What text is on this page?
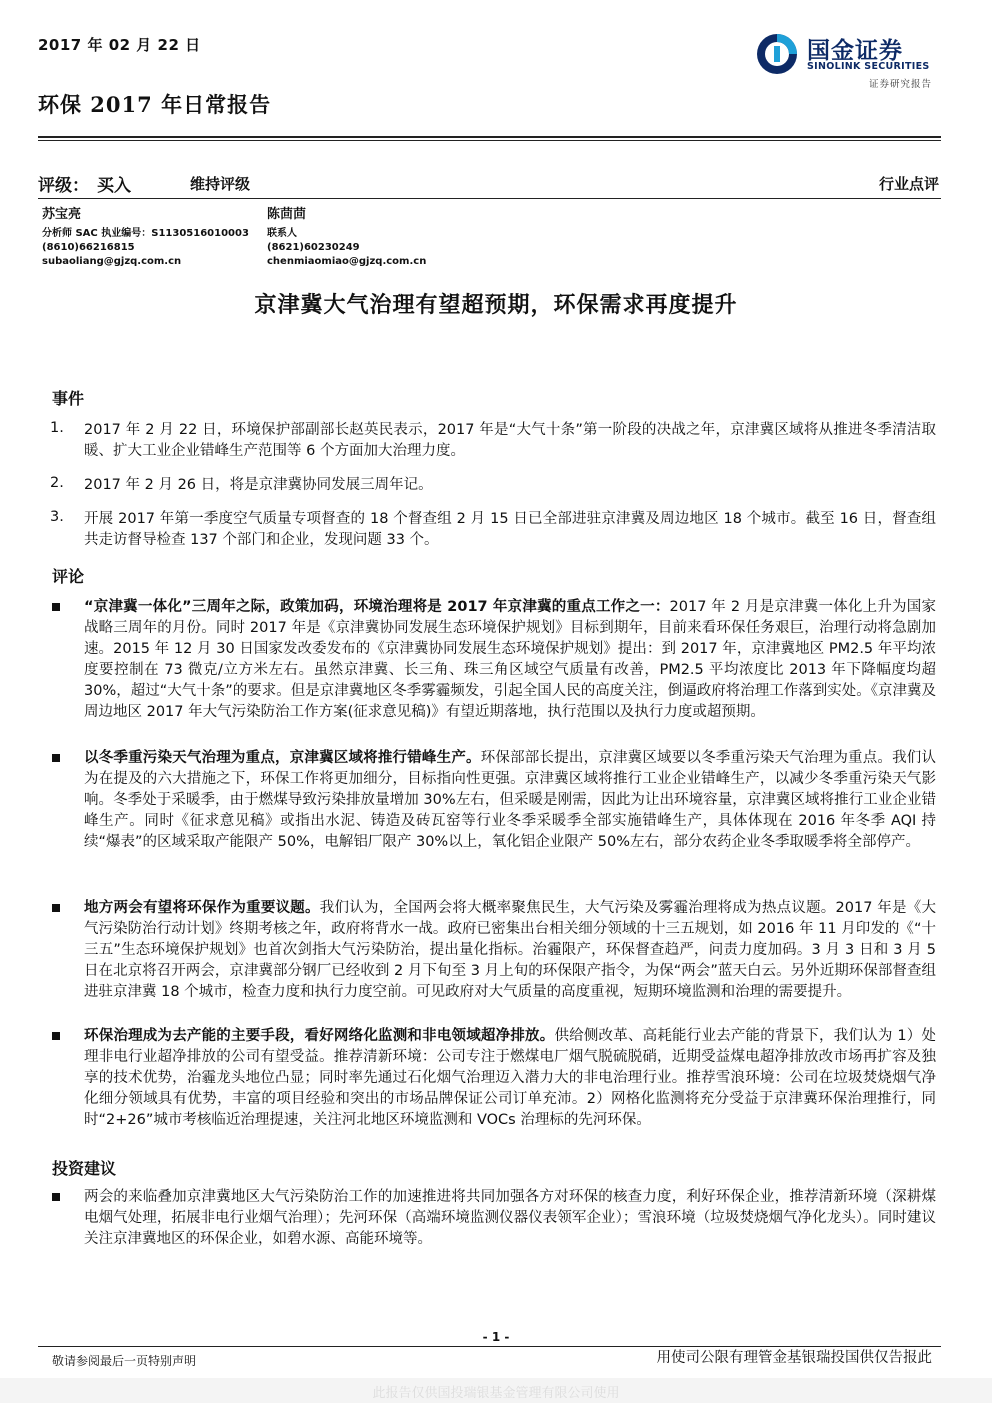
2017 年 02 月 22 日	国金证券
SINOLINK SECURITIES
证券研究报告
环保 2017 年日常报告
评级： 买入	维持评级	行业点评
苏宝亮
分析师 SAC 执业编号：S1130516010003
(8610)66216815
subaoliang@gjzq.com.cn
陈茴茴
联系人
(8621)60230249
chenmiaomiao@gjzq.com.cn
京津冀大气治理有望超预期，环保需求再度提升
事件
1. 2017 年 2 月 22 日，环境保护部副部长赵英民表示，2017 年是“大气十条”第一阶段的决战之年，京津冀区域将从推进冬季清洁取暖、扩大工业企业错峰生产范围等 6 个方面加大治理力度。
2. 2017 年 2 月 26 日，将是京津冀协同发展三周年记。
3. 开展 2017 年第一季度空气质量专项督查的 18 个督查组 2 月 15 日已全部进驻京津冀及周边地区 18 个城市。截至 16 日，督查组共走访督导检查 137 个部门和企业，发现问题 33 个。
评论
“京津冀一体化”三周年之际，政策加码，环境治理将是 2017 年京津冀的重点工作之一：2017 年 2 月是京津冀一体化上升为国家战略三周年的月份。同时 2017 年是《京津冀协同发展生态环境保护规划》目标到期年，目前来看环保任务艰巨，治理行动将急剧加速。2015 年 12 月 30 日国家发改委发布的《京津冀协同发展生态环境保护规划》提出：到 2017 年，京津冀地区 PM2.5 年平均浓度要控制在 73 微克/立方米左右。虽然京津冀、长三角、珠三角区域空气质量有改善，PM2.5 平均浓度比 2013 年下降幅度均超 30%，超过“大气十条”的要求。但是京津冀地区冬季雾霾频发，引起全国人民的高度关注，倒逼政府将治理工作落到实处。《京津冀及周边地区 2017 年大气污染防治工作方案(征求意见稿)》有望近期落地，执行范围以及执行力度或超预期。
以冬季重污染天气治理为重点，京津冀区域将推行错峰生产。环保部部长提出，京津冀区域要以冬季重污染天气治理为重点。我们认为在提及的六大措施之下，环保工作将更加细分，目标指向性更强。京津冀区域将推行工业企业错峰生产，以减少冬季重污染天气影响。冬季处于采暖季，由于燃煤导致污染排放量增加 30%左右，但采暖是刚需，因此为让出环境容量，京津冀区域将推行工业企业错峰生产。同时《征求意见稿》或指出水泥、铸造及砖瓦窑等行业冬季采暖季全部实施错峰生产，具体体现在 2016 年冬季 AQI 持续“爆表”的区域采取产能限产 50%，电解铝厂限产 30%以上，氧化铝企业限产 50%左右，部分农药企业冬季取暖季将全部停产。
地方两会有望将环保作为重要议题。我们认为，全国两会将大概率聚焦民生，大气污染及雾霾治理将成为热点议题。2017 年是《大气污染防治行动计划》终期考核之年，政府将背水一战。政府已密集出台相关细分领域的十三五规划，如 2016 年 11 月印发的《“十三五”生态环境保护规划》也首次剑指大气污染防治，提出量化指标。治霾限产，环保督查趋严，问责力度加码。3 月 3 日和 3 月 5 日在北京将召开两会，京津冀部分钢厂已经收到 2 月下旬至 3 月上旬的环保限产指令，为保“两会”蓝天白云。另外近期环保部督查组进驻京津冀 18 个城市，检查力度和执行力度空前。可见政府对大气质量的高度重视，短期环境监测和治理的需要提升。
环保治理成为去产能的主要手段，看好网络化监测和非电领域超净排放。供给侧改革、高耗能行业去产能的背景下，我们认为 1）处理非电行业超净排放的公司有望受益。推荐清新环境：公司专注于燃煤电厂烟气脱硫脱硝，近期受益煤电超净排放改市场再扩容及独享的技术优势，治霾龙头地位凸显；同时率先通过石化烟气治理迈入潜力大的非电治理行业。推荐雪浪环境：公司在垃圾焚烧烟气净化细分领域具有优势，丰富的项目经验和突出的市场品牌保证公司订单充沛。2）网格化监测将充分受益于京津冀环保治理推行，同时“2+26”城市考核临近治理提速，关注河北地区环境监测和 VOCs 治理标的先河环保。
投资建议
两会的来临叠加京津冀地区大气污染防治工作的加速推进将共同加强各方对环保的核查力度，利好环保企业，推荐清新环境（深耕煤电烟气处理，拓展非电行业烟气治理）；先河环保（高端环境监测仪器仪表领军企业）；雪浪环境（垃圾焚烧烟气净化龙头）。同时建议关注京津冀地区的环保企业，如碧水源、高能环境等。
- 1 -
敬请参阅最后一页特别声明	用使司公限有理管金基银瑞投国供仅告报此
此报告仅供国投瑞银基金管理有限公司使用
